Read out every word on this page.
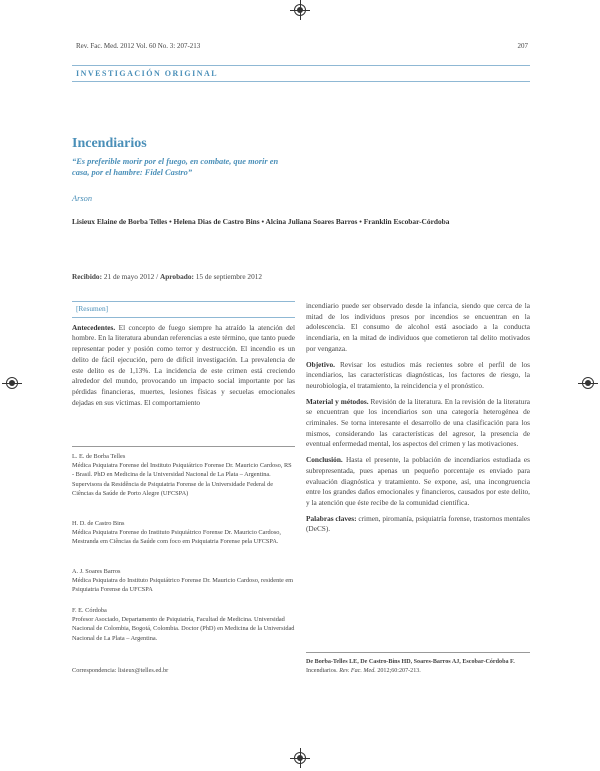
Rev. Fac. Med. 2012 Vol. 60 No. 3: 207-213	207
INVESTIGACIÓN ORIGINAL
Incendiarios
“Es preferible morir por el fuego, en combate, que morir en casa, por el hambre: Fidel Castro”
Arson
Lisieux Elaine de Borba Telles • Helena Dias de Castro Bins • Alcina Juliana Soares Barros • Franklin Escobar-Córdoba
Recibido: 21 de mayo 2012 / Aprobado: 15 de septiembre 2012
[Resumen]
Antecedentes. El concepto de fuego siempre ha atraído la atención del hombre. En la literatura abundan referencias a este término, que tanto puede representar poder y posión como terror y destrucción. El incendio es un delito de fácil ejecución, pero de difícil investigación. La prevalencia de este delito es de 1,13%. La incidencia de este crimen está creciendo alrededor del mundo, provocando un impacto social importante por las pérdidas financieras, muertes, lesiones físicas y secuelas emocionales dejadas en sus víctimas. El comportamiento
L. E. de Borba Telles
Médica Psiquiatra Forense del Instituto Psiquiátrico Forense Dr. Mauricio Cardoso, RS - Brasil. PhD en Medicina de la Universidad Nacional de La Plata – Argentina. Supervisora da Residência de Psiquiatria Forense de la Universidade Federal de Ciências da Saúde de Porto Alegre (UFCSPA)
H. D. de Castro Bins
Médica Psiquiatra Forense do Instituto Psiquiátrico Forense Dr. Mauricio Cardoso, Mestranda em Ciências da Saúde com foco em Psiquiatria Forense pela UFCSPA.
A. J. Soares Barros
Médica Psiquiatra do Instituto Psiquiátrico Forense Dr. Mauricio Cardoso, residente em Psiquiatria Forense da UFCSPA
F. E. Córdoba
Profesor Asociado, Departamento de Psiquiatría, Facultad de Medicina. Universidad Nacional de Colombia, Bogotá, Colombia. Doctor (PhD) en Medicina de la Universidad Nacional de La Plata – Argentina.
Correspondencia: lisieux@telles.ed.br
incendiario puede ser observado desde la infancia, siendo que cerca de la mitad de los individuos presos por incendios se encuentran en la adolescencia. El consumo de alcohol está asociado a la conducta incendiaria, en la mitad de individuos que cometieron tal delito motivados por venganza.
Objetivo. Revisar los estudios más recientes sobre el perfil de los incendiarios, las características diagnósticas, los factores de riesgo, la neurobiología, el tratamiento, la reincidencia y el pronóstico.
Material y métodos. Revisión de la literatura. En la revisión de la literatura se encuentran que los incendiarios son una categoría heterogénea de criminales. Se torna interesante el desarrollo de una clasificación para los mismos, considerando las características del agresor, la presencia de eventual enfermedad mental, los aspectos del crimen y las motivaciones.
Conclusión. Hasta el presente, la población de incendiarios estudiada es subrepresentada, pues apenas un pequeño porcentaje es enviado para evaluación diagnóstica y tratamiento. Se expone, así, una incongruencia entre los grandes daños emocionales y financieros, causados por este delito, y la atención que éste recibe de la comunidad científica.
Palabras claves: crimen, piromanía, psiquiatría forense, trastornos mentales (DeCS).
De Borba-Telles LE, De Castro-Bins HD, Soares-Barros AJ, Escobar-Córdoba F. Incendiarios. Rev. Fac. Med. 2012;60:207-213.
